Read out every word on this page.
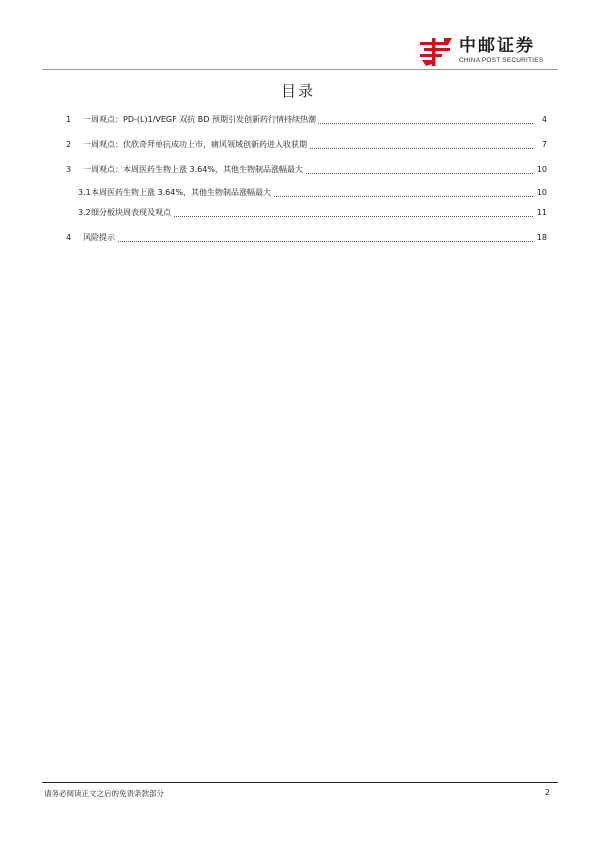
中邮证券
CHINA POST SECURITIES
目录
1 一周观点：PD-(L)1/VEGF 双抗 BD 预期引发创新药行情持续热潮	4
2 一周观点：伏欣奇拜单抗成功上市，痛风领域创新药进入收获期	7
3 一周观点：本周医药生物上涨 3.64%，其他生物制品涨幅最大	10
3.1 本周医药生物上涨 3.64%，其他生物制品涨幅最大	10
3.2 细分板块周表现及观点	11
4 风险提示	18
请务必阅读正文之后的免责条款部分	2
